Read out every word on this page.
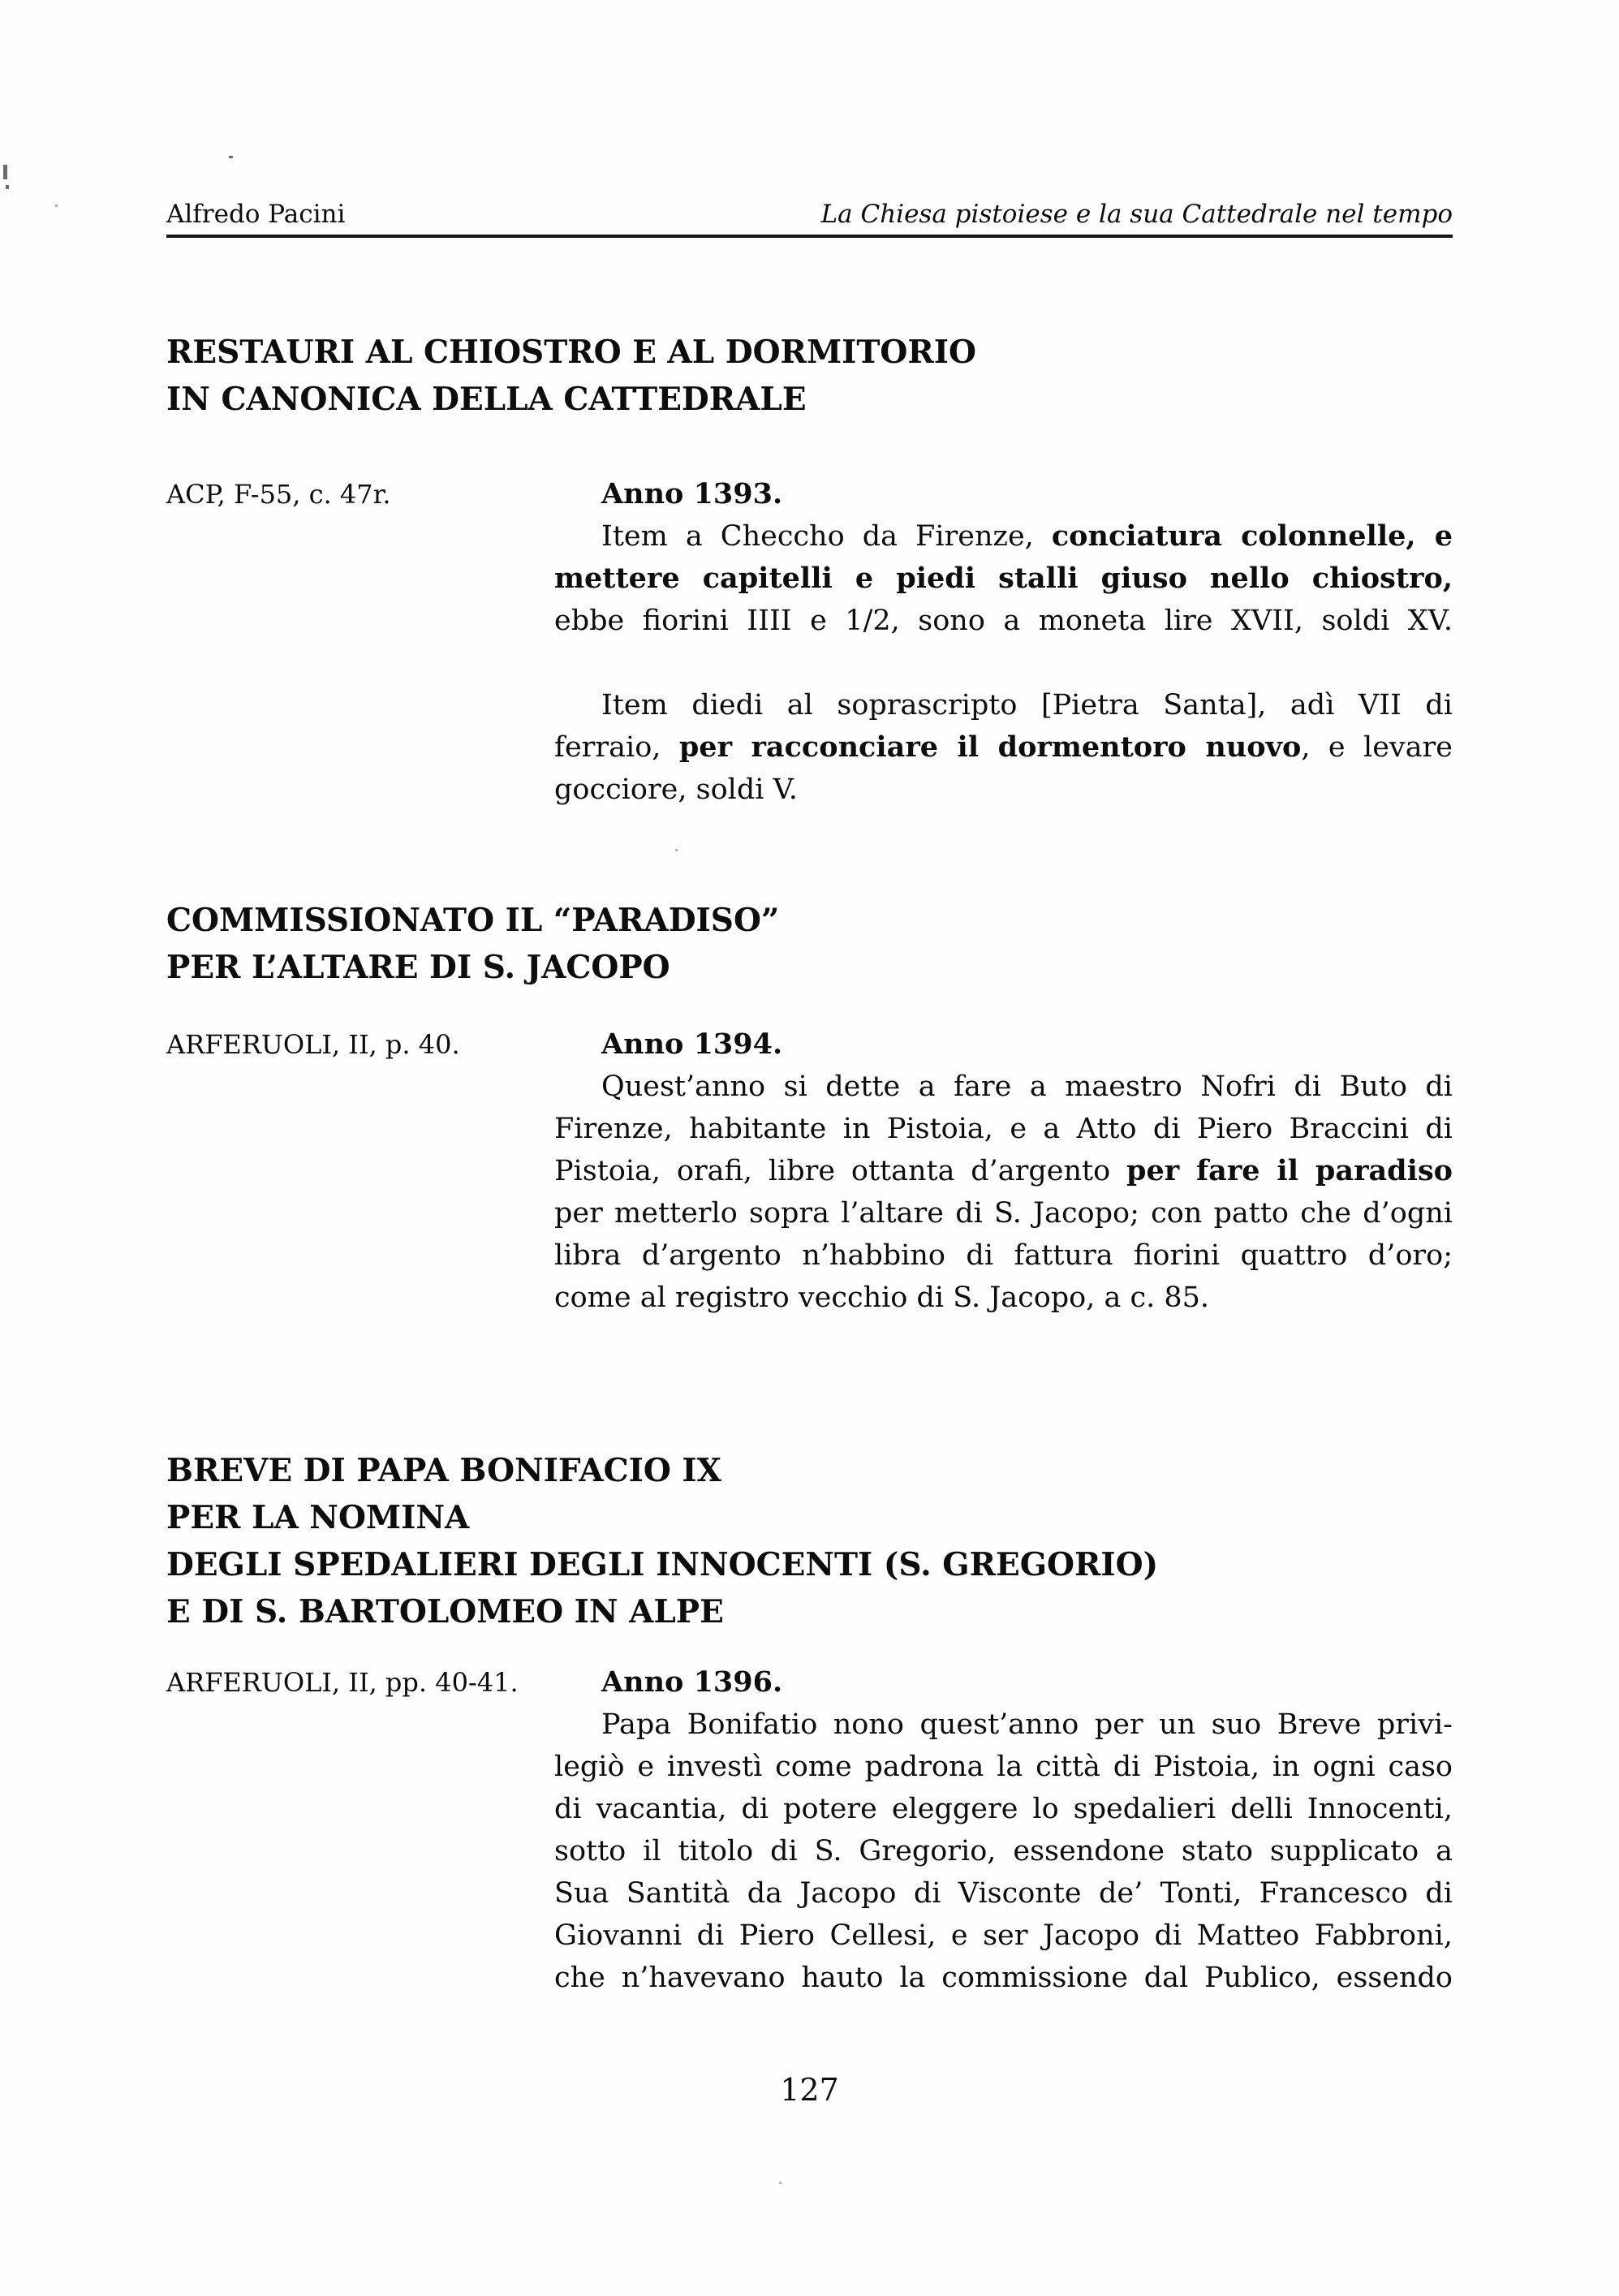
Alfredo Pacini	La Chiesa pistoiese e la sua Cattedrale nel tempo
RESTAURI AL CHIOSTRO E AL DORMITORIO
IN CANONICA DELLA CATTEDRALE
ACP, F-55, c. 47r.	Anno 1393.
Item a Checcho da Firenze, conciatura colonnelle, e
mettere capitelli e piedi stalli giuso nello chiostro,
ebbe fiorini IIII e 1/2, sono a moneta lire XVII, soldi XV.
Item diedi al soprascripto [Pietra Santa], adì VII di
ferraio, per racconciare il dormentoro nuovo, e levare
gocciore, soldi V.
COMMISSIONATO IL “PARADISO”
PER L’ALTARE DI S. JACOPO
ARFERUOLI, II, p. 40.	Anno 1394.
Quest’anno si dette a fare a maestro Nofri di Buto di
Firenze, habitante in Pistoia, e a Atto di Piero Braccini di
Pistoia, orafi, libre ottanta d’argento per fare il paradiso
per metterlo sopra l’altare di S. Jacopo; con patto che d’ogni
libra d’argento n’habbino di fattura fiorini quattro d’oro;
come al registro vecchio di S. Jacopo, a c. 85.
BREVE DI PAPA BONIFACIO IX
PER LA NOMINA
DEGLI SPEDALIERI DEGLI INNOCENTI (S. GREGORIO)
E DI S. BARTOLOMEO IN ALPE
ARFERUOLI, II, pp. 40-41.	Anno 1396.
Papa Bonifatio nono quest’anno per un suo Breve privi-
legiò e investì come padrona la città di Pistoia, in ogni caso
di vacantia, di potere eleggere lo spedalieri delli Innocenti,
sotto il titolo di S. Gregorio, essendone stato supplicato a
Sua Santità da Jacopo di Visconte de’ Tonti, Francesco di
Giovanni di Piero Cellesi, e ser Jacopo di Matteo Fabbroni,
che n’havevano hauto la commissione dal Publico, essendo
127
